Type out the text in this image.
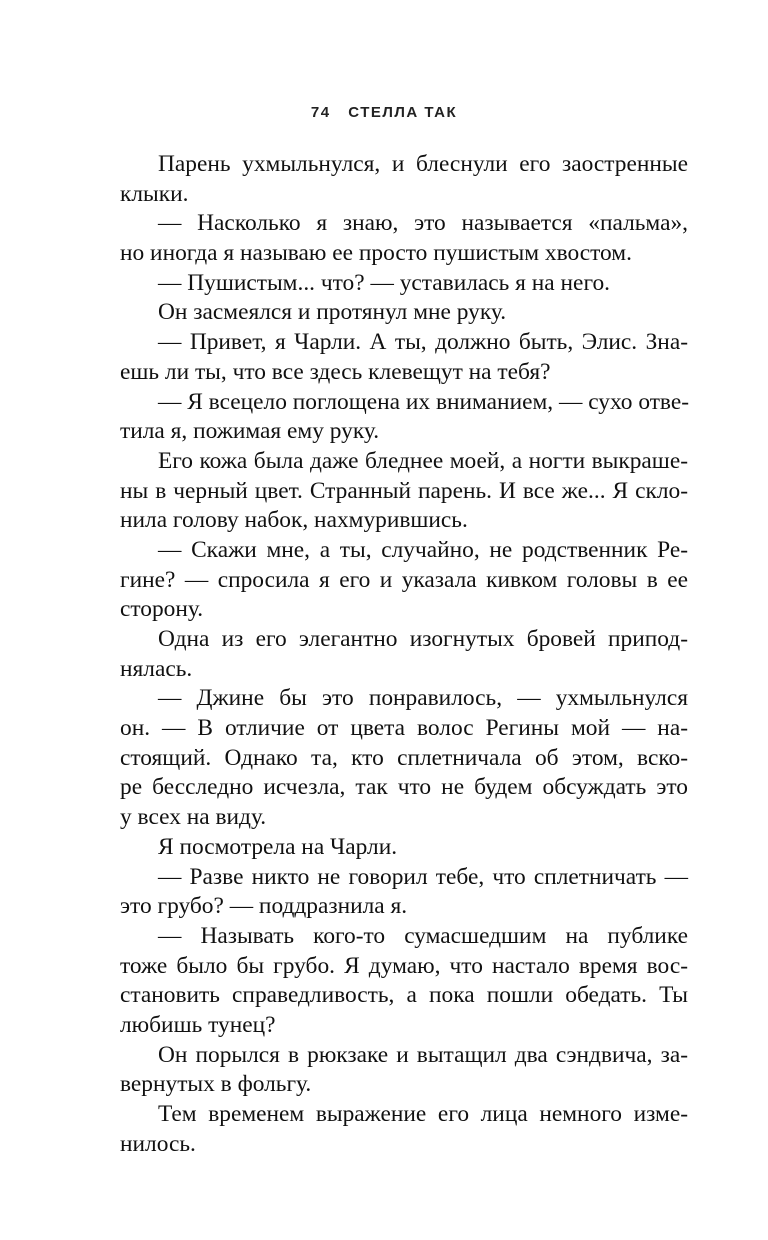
74 СТЕЛЛА ТАК
Парень ухмыльнулся, и блеснули его заостренные
клыки.
— Насколько я знаю, это называется «пальма»,
но иногда я называю ее просто пушистым хвостом.
— Пушистым... что? — уставилась я на него.
Он засмеялся и протянул мне руку.
— Привет, я Чарли. А ты, должно быть, Элис. Зна-
ешь ли ты, что все здесь клевещут на тебя?
— Я всецело поглощена их вниманием, — сухо отве-
тила я, пожимая ему руку.
Его кожа была даже бледнее моей, а ногти выкраше-
ны в черный цвет. Странный парень. И все же... Я скло-
нила голову набок, нахмурившись.
— Скажи мне, а ты, случайно, не родственник Ре-
гине? — спросила я его и указала кивком головы в ее
сторону.
Одна из его элегантно изогнутых бровей припод-
нялась.
— Джине бы это понравилось, — ухмыльнулся
он. — В отличие от цвета волос Регины мой — на-
стоящий. Однако та, кто сплетничала об этом, вско-
ре бесследно исчезла, так что не будем обсуждать это
у всех на виду.
Я посмотрела на Чарли.
— Разве никто не говорил тебе, что сплетничать —
это грубо? — поддразнила я.
— Называть кого-то сумасшедшим на публике
тоже было бы грубо. Я думаю, что настало время вос-
становить справедливость, а пока пошли обедать. Ты
любишь тунец?
Он порылся в рюкзаке и вытащил два сэндвича, за-
вернутых в фольгу.
Тем временем выражение его лица немного изме-
нилось.
